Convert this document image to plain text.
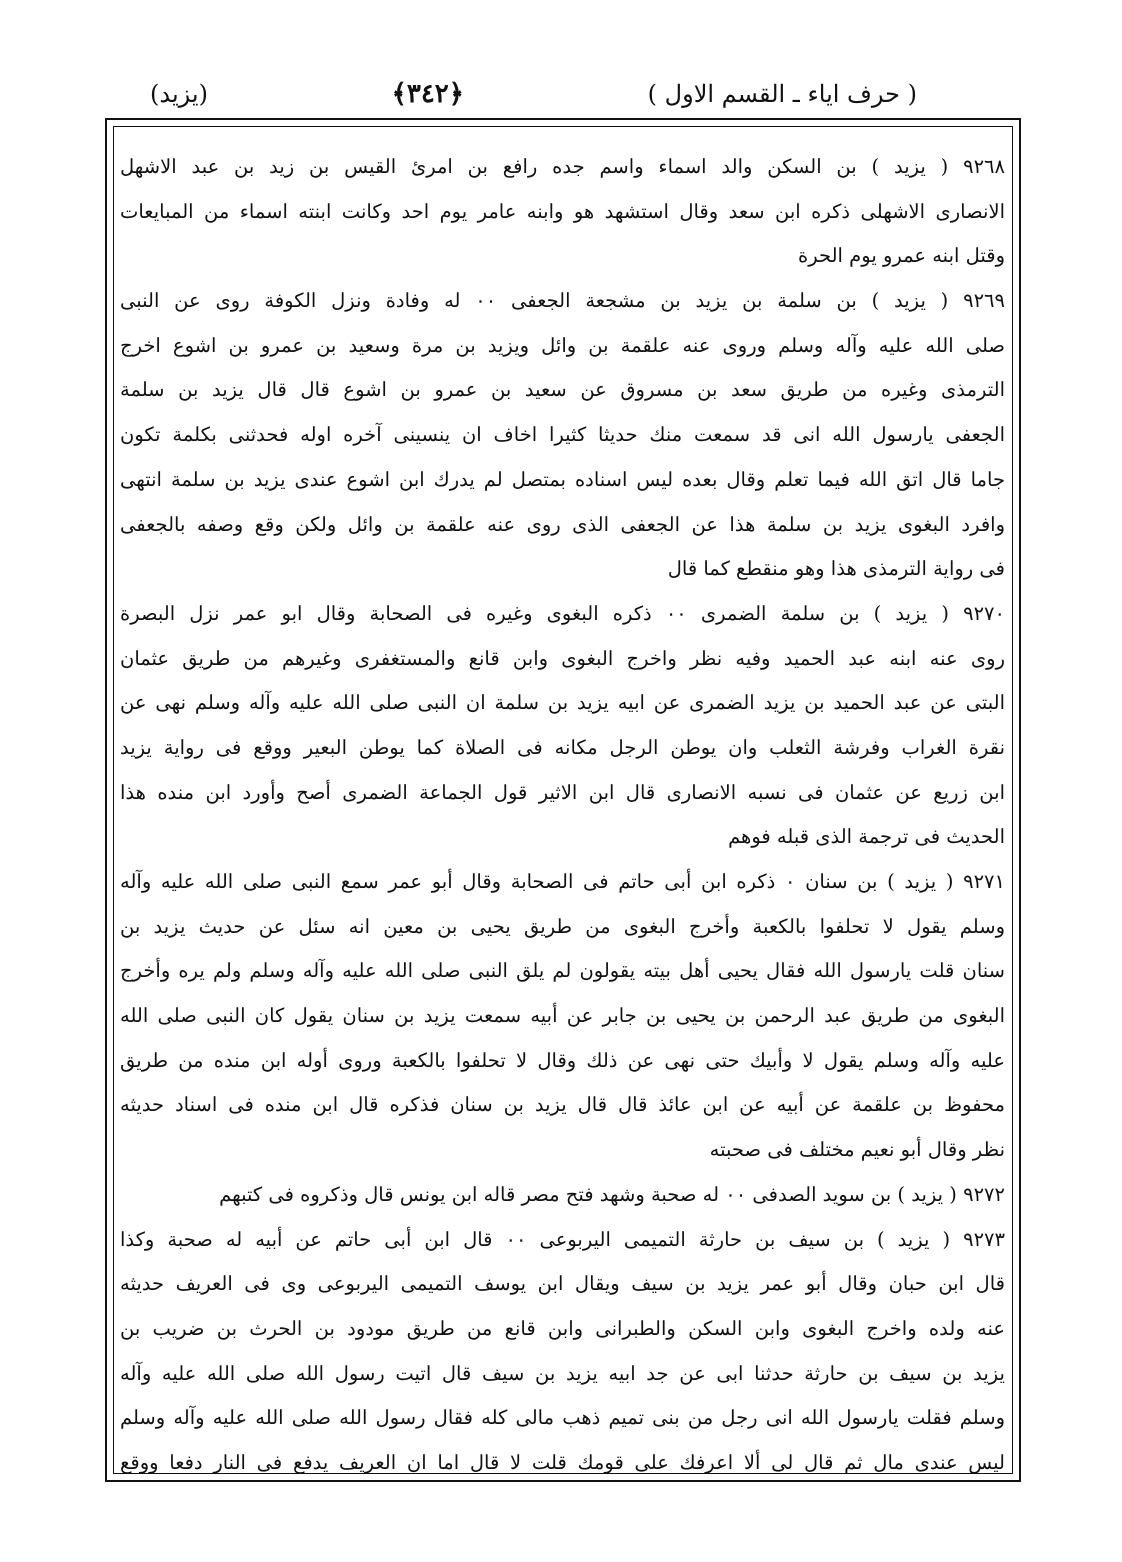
( حرف ايا‌ء ـ القسم الاول )
﴿٣٤٢﴾
(يزيد)
٩٢٦٨ ( يزيد ) بن السكن والد اسماء واسم جده رافع بن امرئ القيس بن زيد بن عبد الاشهل
الانصارى الاشهلى ذكره ابن سعد وقال استشهد هو وابنه عامر يوم احد وكانت ابنته اسماء من المبايعات
وقتل ابنه عمرو يوم الحرة
٩٢٦٩ ( يزيد ) بن سلمة بن يزيد بن مشجعة الجعفى ٠٠ له وفادة ونزل الكوفة روى عن النبى
صلى الله عليه وآله وسلم وروى عنه علقمة بن وائل ويزيد بن مرة وسعيد بن عمرو بن اشوع اخرج
الترمذى وغيره من طريق سعد بن مسروق عن سعيد بن عمرو بن اشوع قال قال يزيد بن سلمة
الجعفى يارسول الله انى قد سمعت منك حديثا كثيرا اخاف ان ينسينى آخره اوله فحدثنى بكلمة تكون
جاما قال اتق الله فيما تعلم وقال بعده ليس اسناده بمتصل لم يدرك ابن اشوع عندى يزيد بن سلمة انتهى
وافرد البغوى يزيد بن سلمة هذا عن الجعفى الذى روى عنه علقمة بن وائل ولكن وقع وصفه بالجعفى
فى رواية الترمذى هذا وهو منقطع كما قال
٩٢٧٠ ( يزيد ) بن سلمة الضمرى ٠٠ ذكره البغوى وغيره فى الصحابة وقال ابو عمر نزل البصرة
روى عنه ابنه عبد الحميد وفيه نظر واخرج البغوى وابن قانع والمستغفرى وغيرهم من طريق عثمان
البتى عن عبد الحميد بن يزيد الضمرى عن ابيه يزيد بن سلمة ان النبى صلى الله عليه وآله وسلم نهى عن
نقرة الغراب وفرشة الثعلب وان يوطن الرجل مكانه فى الصلاة كما يوطن البعير ووقع فى رواية يزيد
ابن زريع عن عثمان فى نسبه الانصارى قال ابن الاثير قول الجماعة الضمرى أصح وأورد ابن منده هذا
الحديث فى ترجمة الذى قبله فوهم
٩٢٧١ ( يزيد ) بن سنان ٠ ذكره ابن أبى حاتم فى الصحابة وقال أبو عمر سمع النبى صلى الله عليه وآله
وسلم يقول لا تحلفوا بالكعبة وأخرج البغوى من طريق يحيى بن معين انه سئل عن حديث يزيد بن
سنان قلت يارسول الله فقال يحيى أهل بيته يقولون لم يلق النبى صلى الله عليه وآله وسلم ولم يره وأخرج
البغوى من طريق عبد الرحمن بن يحيى بن جابر عن أبيه سمعت يزيد بن سنان يقول كان النبى صلى الله
عليه وآله وسلم يقول لا وأبيك حتى نهى عن ذلك وقال لا تحلفوا بالكعبة وروى أوله ابن منده من طريق
محفوظ بن علقمة عن أبيه عن ابن عائذ قال قال يزيد بن سنان فذكره قال ابن منده فى اسناد حديثه
نظر وقال أبو نعيم مختلف فى صحبته
٩٢٧٢ ( يزيد ) بن سويد الصدفى ٠٠ له صحبة وشهد فتح مصر قاله ابن يونس قال وذكروه فى كتبهم
٩٢٧٣ ( يزيد ) بن سيف بن حارثة التميمى اليربوعى ٠٠ قال ابن أبى حاتم عن أبيه له صحبة وكذا
قال ابن حبان وقال أبو عمر يزيد بن سيف ويقال ابن يوسف التميمى اليربوعى وى فى العريف حديثه
عنه ولده واخرج البغوى وابن السكن والطبرانى وابن قانع من طريق مودود بن الحرث بن ضريب بن
يزيد بن سيف بن حارثة حدثنا ابى عن جد ابيه يزيد بن سيف قال اتيت رسول الله صلى الله عليه وآله
وسلم فقلت يارسول الله انى رجل من بنى تميم ذهب مالى كله فقال رسول الله صلى الله عليه وآله وسلم
ليس عندى مال ثم قال لى ألا اعرفك على قومك قلت لا قال اما ان العريف يدفع فى النار دفعا ووقع
